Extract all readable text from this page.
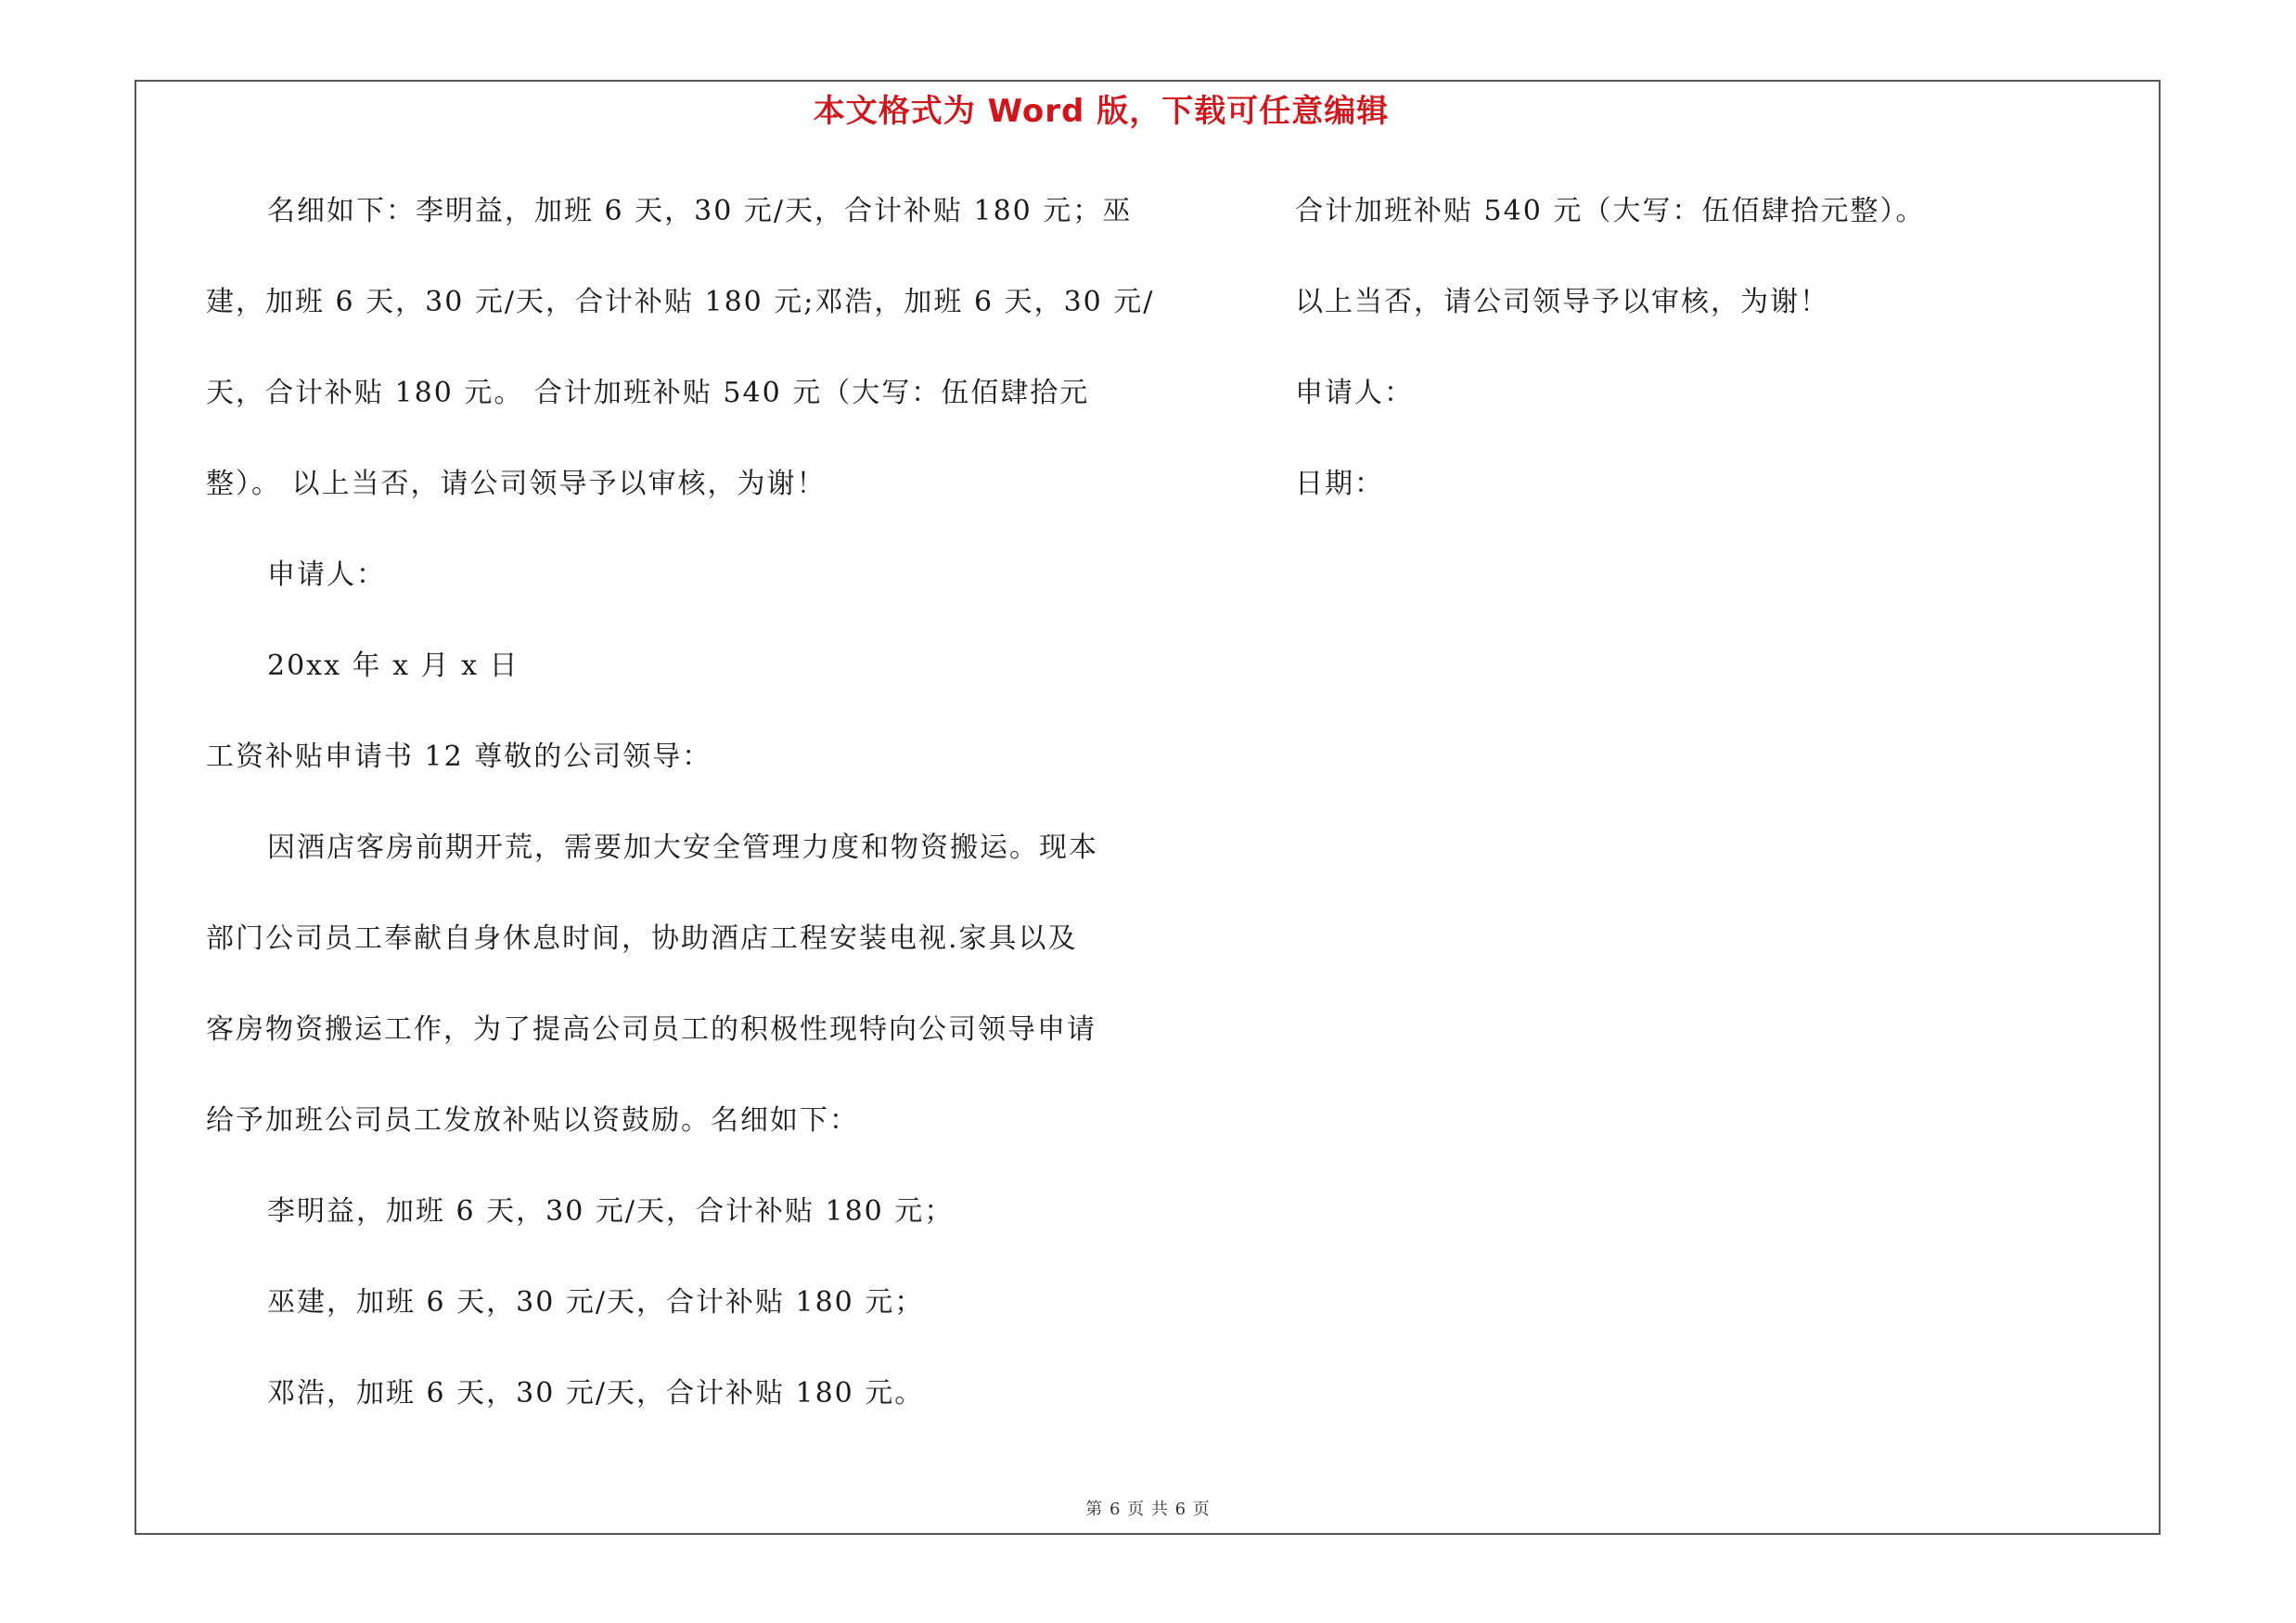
本文格式为 Word 版，下载可任意编辑
名细如下：李明益，加班 6 天，30 元/天，合计补贴 180 元；巫
建，加班 6 天，30 元/天，合计补贴 180 元;邓浩，加班 6 天，30 元/
天，合计补贴 180 元。 合计加班补贴 540 元（大写：伍佰肆拾元
整）。 以上当否，请公司领导予以审核，为谢！
申请人：
20xx 年 x 月 x 日
工资补贴申请书 12 尊敬的公司领导：
因酒店客房前期开荒，需要加大安全管理力度和物资搬运。现本
部门公司员工奉献自身休息时间，协助酒店工程安装电视.家具以及
客房物资搬运工作，为了提高公司员工的积极性现特向公司领导申请
给予加班公司员工发放补贴以资鼓励。名细如下：
李明益，加班 6 天，30 元/天，合计补贴 180 元；
巫建，加班 6 天，30 元/天，合计补贴 180 元；
邓浩，加班 6 天，30 元/天，合计补贴 180 元。
合计加班补贴 540 元（大写：伍佰肆拾元整）。
以上当否，请公司领导予以审核，为谢！
申请人：
日期：
第 6 页 共 6 页
